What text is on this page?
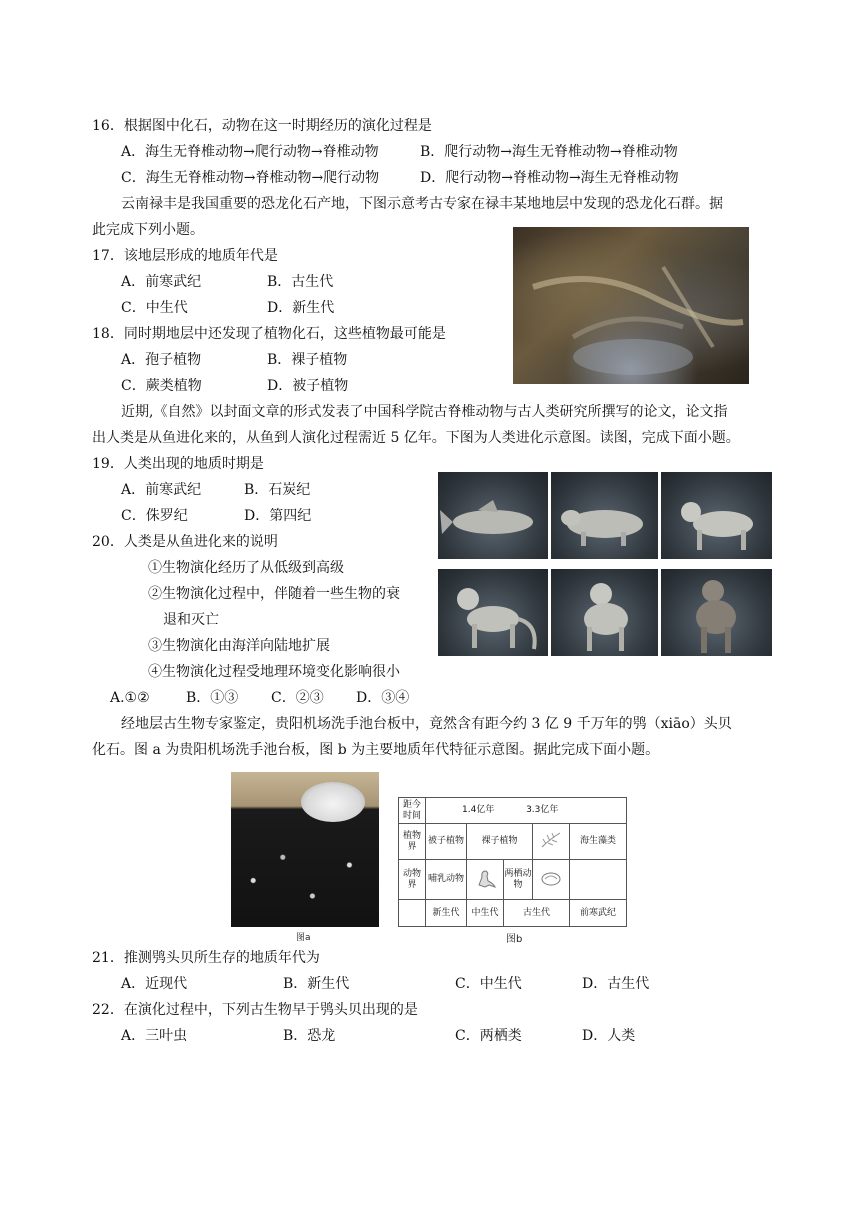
16．根据图中化石，动物在这一时期经历的演化过程是
A．海生无脊椎动物→爬行动物→脊椎动物	B．爬行动物→海生无脊椎动物→脊椎动物
C．海生无脊椎动物→脊椎动物→爬行动物	D．爬行动物→脊椎动物→海生无脊椎动物
云南禄丰是我国重要的恐龙化石产地，下图示意考古专家在禄丰某地地层中发现的恐龙化石群。据
此完成下列小题。
17．该地层形成的地质年代是
A．前寒武纪	B．古生代
C．中生代	D．新生代
18．同时期地层中还发现了植物化石，这些植物最可能是
A．孢子植物	B．裸子植物
C．蕨类植物	D．被子植物
近期,《自然》以封面文章的形式发表了中国科学院古脊椎动物与古人类研究所撰写的论文，论文指
出人类是从鱼进化来的，从鱼到人演化过程需近 5 亿年。下图为人类进化示意图。读图，完成下面小题。
19．人类出现的地质时期是
A．前寒武纪	B．石炭纪
C．侏罗纪	D．第四纪
20．人类是从鱼进化来的说明
①生物演化经历了从低级到高级
②生物演化过程中，伴随着一些生物的衰
退和灭亡
③生物演化由海洋向陆地扩展
④生物演化过程受地理环境变化影响很小
A.①②	B．①③ C．②③ D．③④
经地层古生物专家鉴定，贵阳机场洗手池台板中，竟然含有距今约 3 亿 9 千万年的鸮（xiāo）头贝
化石。图 a 为贵阳机场洗手池台板，图 b 为主要地质年代特征示意图。据此完成下面小题。
图a
距今时间	1.4亿年 3.3亿年				
植物界	被子植物	裸子植物			海生藻类
动物界	哺乳动物		两栖动物		
	新生代	中生代	古生代		前寒武纪
图b
21．推测鸮头贝所生存的地质年代为
A．近现代	B．新生代	C．中生代	D．古生代
22．在演化过程中，下列古生物早于鸮头贝出现的是
A．三叶虫	B．恐龙	C．两栖类	D．人类
